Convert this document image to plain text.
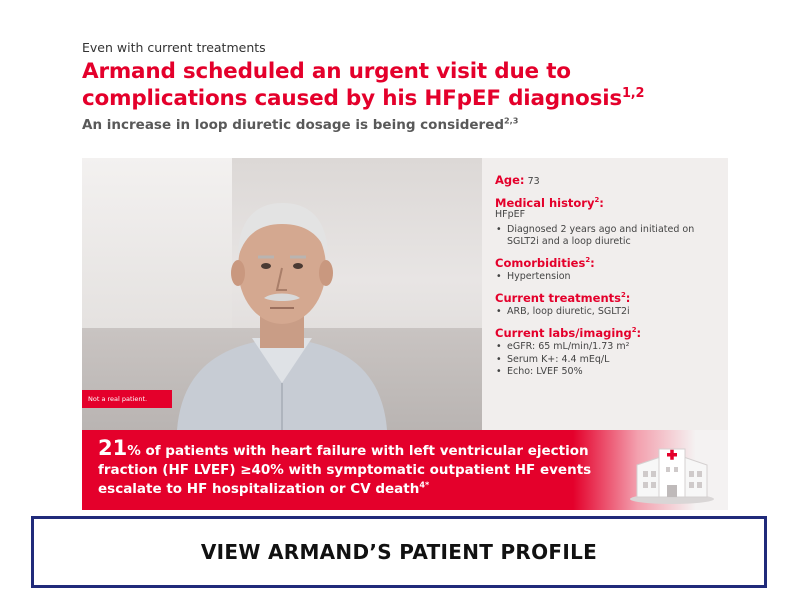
Even with current treatments
Armand scheduled an urgent visit due to complications caused by his HFpEF diagnosis$^{1,2}$
An increase in loop diuretic dosage is being considered$^{2,3}$
Not a real patient.
Age: 73
Medical history$^2$:
HFpEF
• Diagnosed 2 years ago and initiated on SGLT2i and a loop diuretic
Comorbidities$^2$:
• Hypertension
Current treatments$^2$:
• ARB, loop diuretic, SGLT2i
Current labs/imaging$^2$:
• eGFR: 65 mL/min/1.73 m²
• Serum K+: 4.4 mEq/L
• Echo: LVEF 50%
21% of patients with heart failure with left ventricular ejection fraction (HF LVEF) ≥40% with symptomatic outpatient HF events escalate to HF hospitalization or CV death$^{4*}$
VIEW ARMAND’S PATIENT PROFILE
